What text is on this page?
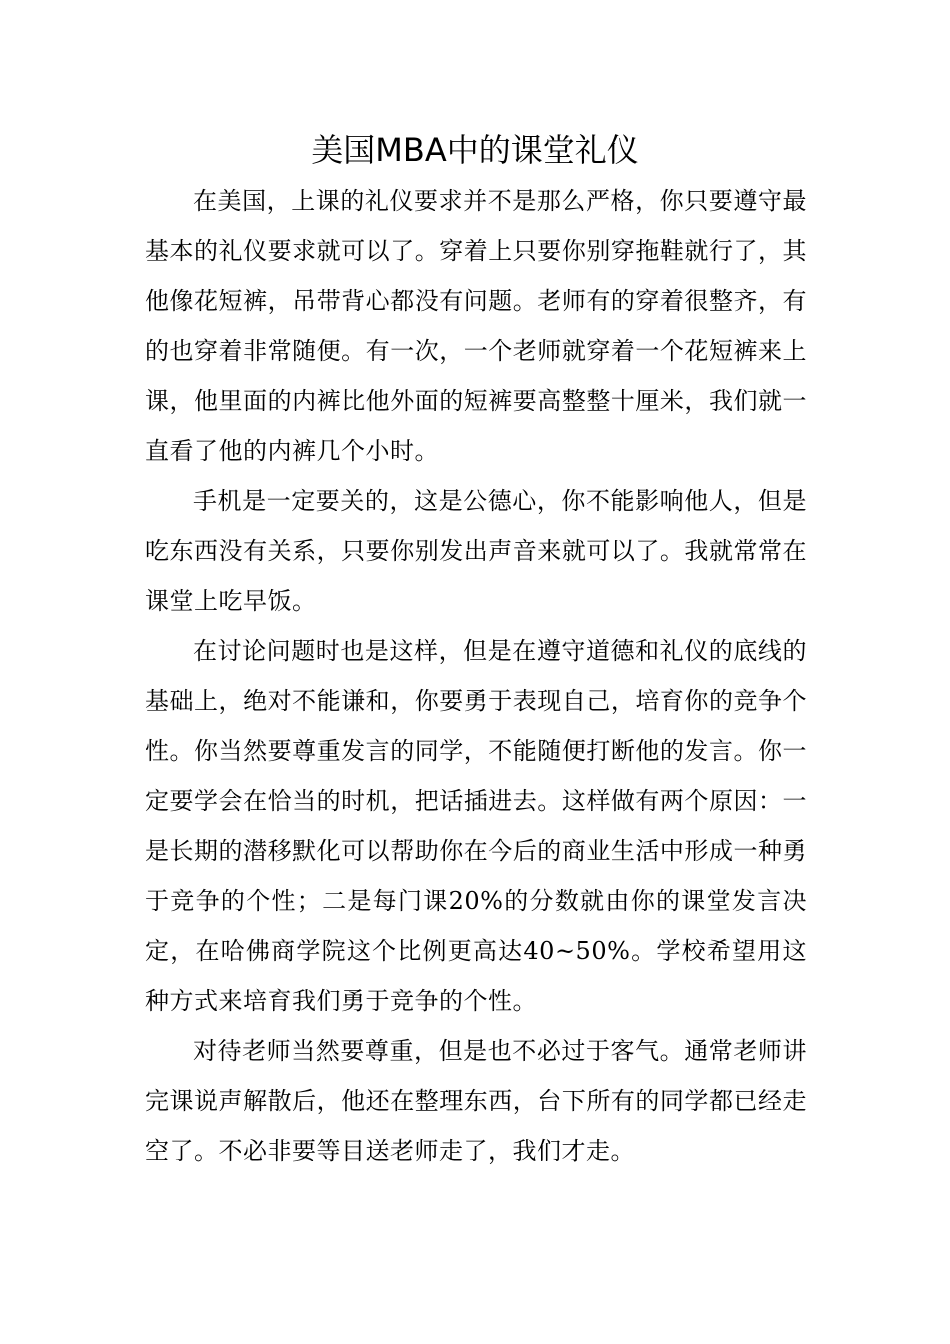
美国MBA中的课堂礼仪

在美国，上课的礼仪要求并不是那么严格，你只要遵守最基本的礼仪要求就可以了。穿着上只要你别穿拖鞋就行了，其他像花短裤，吊带背心都没有问题。老师有的穿着很整齐，有的也穿着非常随便。有一次，一个老师就穿着一个花短裤来上课，他里面的内裤比他外面的短裤要高整整十厘米，我们就一直看了他的内裤几个小时。

手机是一定要关的，这是公德心，你不能影响他人，但是吃东西没有关系，只要你别发出声音来就可以了。我就常常在课堂上吃早饭。

在讨论问题时也是这样，但是在遵守道德和礼仪的底线的基础上，绝对不能谦和，你要勇于表现自己，培育你的竞争个性。你当然要尊重发言的同学，不能随便打断他的发言。你一定要学会在恰当的时机，把话插进去。这样做有两个原因：一是长期的潜移默化可以帮助你在今后的商业生活中形成一种勇于竞争的个性；二是每门课20%的分数就由你的课堂发言决定，在哈佛商学院这个比例更高达40~50%。学校希望用这种方式来培育我们勇于竞争的个性。

对待老师当然要尊重，但是也不必过于客气。通常老师讲完课说声解散后，他还在整理东西，台下所有的同学都已经走空了。不必非要等目送老师走了，我们才走。
